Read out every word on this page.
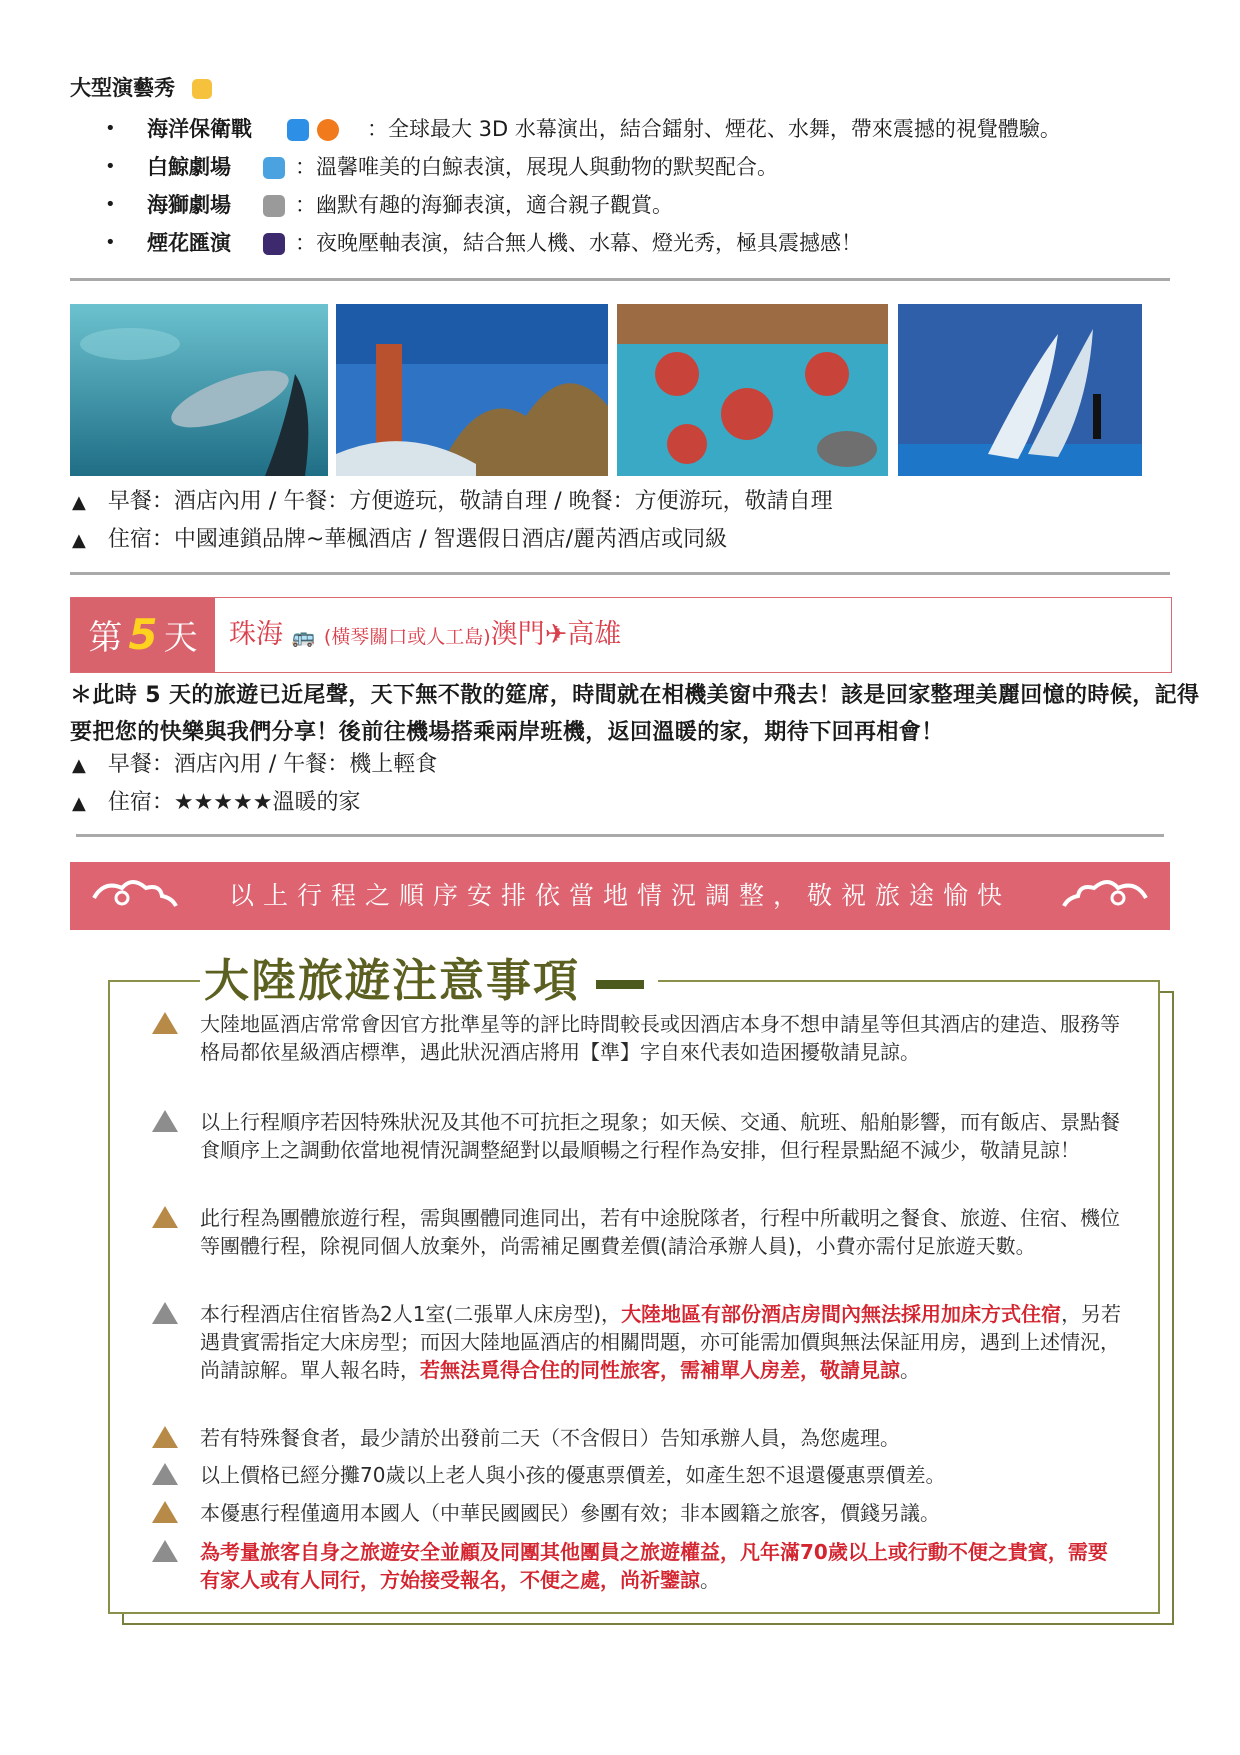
大型演藝秀
• 海洋保衛戰	：全球最大 3D 水幕演出，結合鐳射、煙花、水舞，帶來震撼的視覺體驗。
• 白鯨劇場	：溫馨唯美的白鯨表演，展現人與動物的默契配合。
• 海獅劇場	：幽默有趣的海獅表演，適合親子觀賞。
• 煙花匯演	：夜晚壓軸表演，結合無人機、水幕、燈光秀，極具震撼感！
▲ 早餐：酒店內用 / 午餐：方便遊玩，敬請自理 / 晚餐：方便游玩，敬請自理
▲ 住宿：中國連鎖品牌~華楓酒店 / 智選假日酒店/麗芮酒店或同級
第 5 天	珠海 🚌 (橫琴關口或人工島)澳門✈高雄
＊此時 5 天的旅遊已近尾聲，天下無不散的筵席，時間就在相機美窗中飛去！該是回家整理美麗回憶的時候，記得要把您的快樂與我們分享！後前往機場搭乘兩岸班機，返回溫暖的家，期待下回再相會！
▲ 早餐：酒店內用 / 午餐：機上輕食
▲ 住宿：★★★★★溫暖的家
以上行程之順序安排依當地情況調整，敬祝旅途愉快
大陸旅遊注意事項
大陸地區酒店常常會因官方批準星等的評比時間較長或因酒店本身不想申請星等但其酒店的建造、服務等格局都依星級酒店標準，遇此狀況酒店將用【準】字自來代表如造困擾敬請見諒。
以上行程順序若因特殊狀況及其他不可抗拒之現象；如天候、交通、航班、船舶影響，而有飯店、景點餐食順序上之調動依當地視情況調整絕對以最順暢之行程作為安排，但行程景點絕不減少，敬請見諒！
此行程為團體旅遊行程，需與團體同進同出，若有中途脫隊者，行程中所載明之餐食、旅遊、住宿、機位等團體行程，除視同個人放棄外，尚需補足團費差價(請洽承辦人員)，小費亦需付足旅遊天數。
本行程酒店住宿皆為2人1室(二張單人床房型)，大陸地區有部份酒店房間內無法採用加床方式住宿，另若遇貴賓需指定大床房型；而因大陸地區酒店的相關問題，亦可能需加價與無法保証用房，遇到上述情況，尚請諒解。單人報名時，若無法覓得合住的同性旅客，需補單人房差，敬請見諒。
若有特殊餐食者，最少請於出發前二天（不含假日）告知承辦人員，為您處理。
以上價格已經分攤70歲以上老人與小孩的優惠票價差，如產生恕不退還優惠票價差。
本優惠行程僅適用本國人（中華民國國民）參團有效；非本國籍之旅客，價錢另議。
為考量旅客自身之旅遊安全並顧及同團其他團員之旅遊權益，凡年滿70歲以上或行動不便之貴賓，需要有家人或有人同行，方始接受報名，不便之處，尚祈鑒諒。
